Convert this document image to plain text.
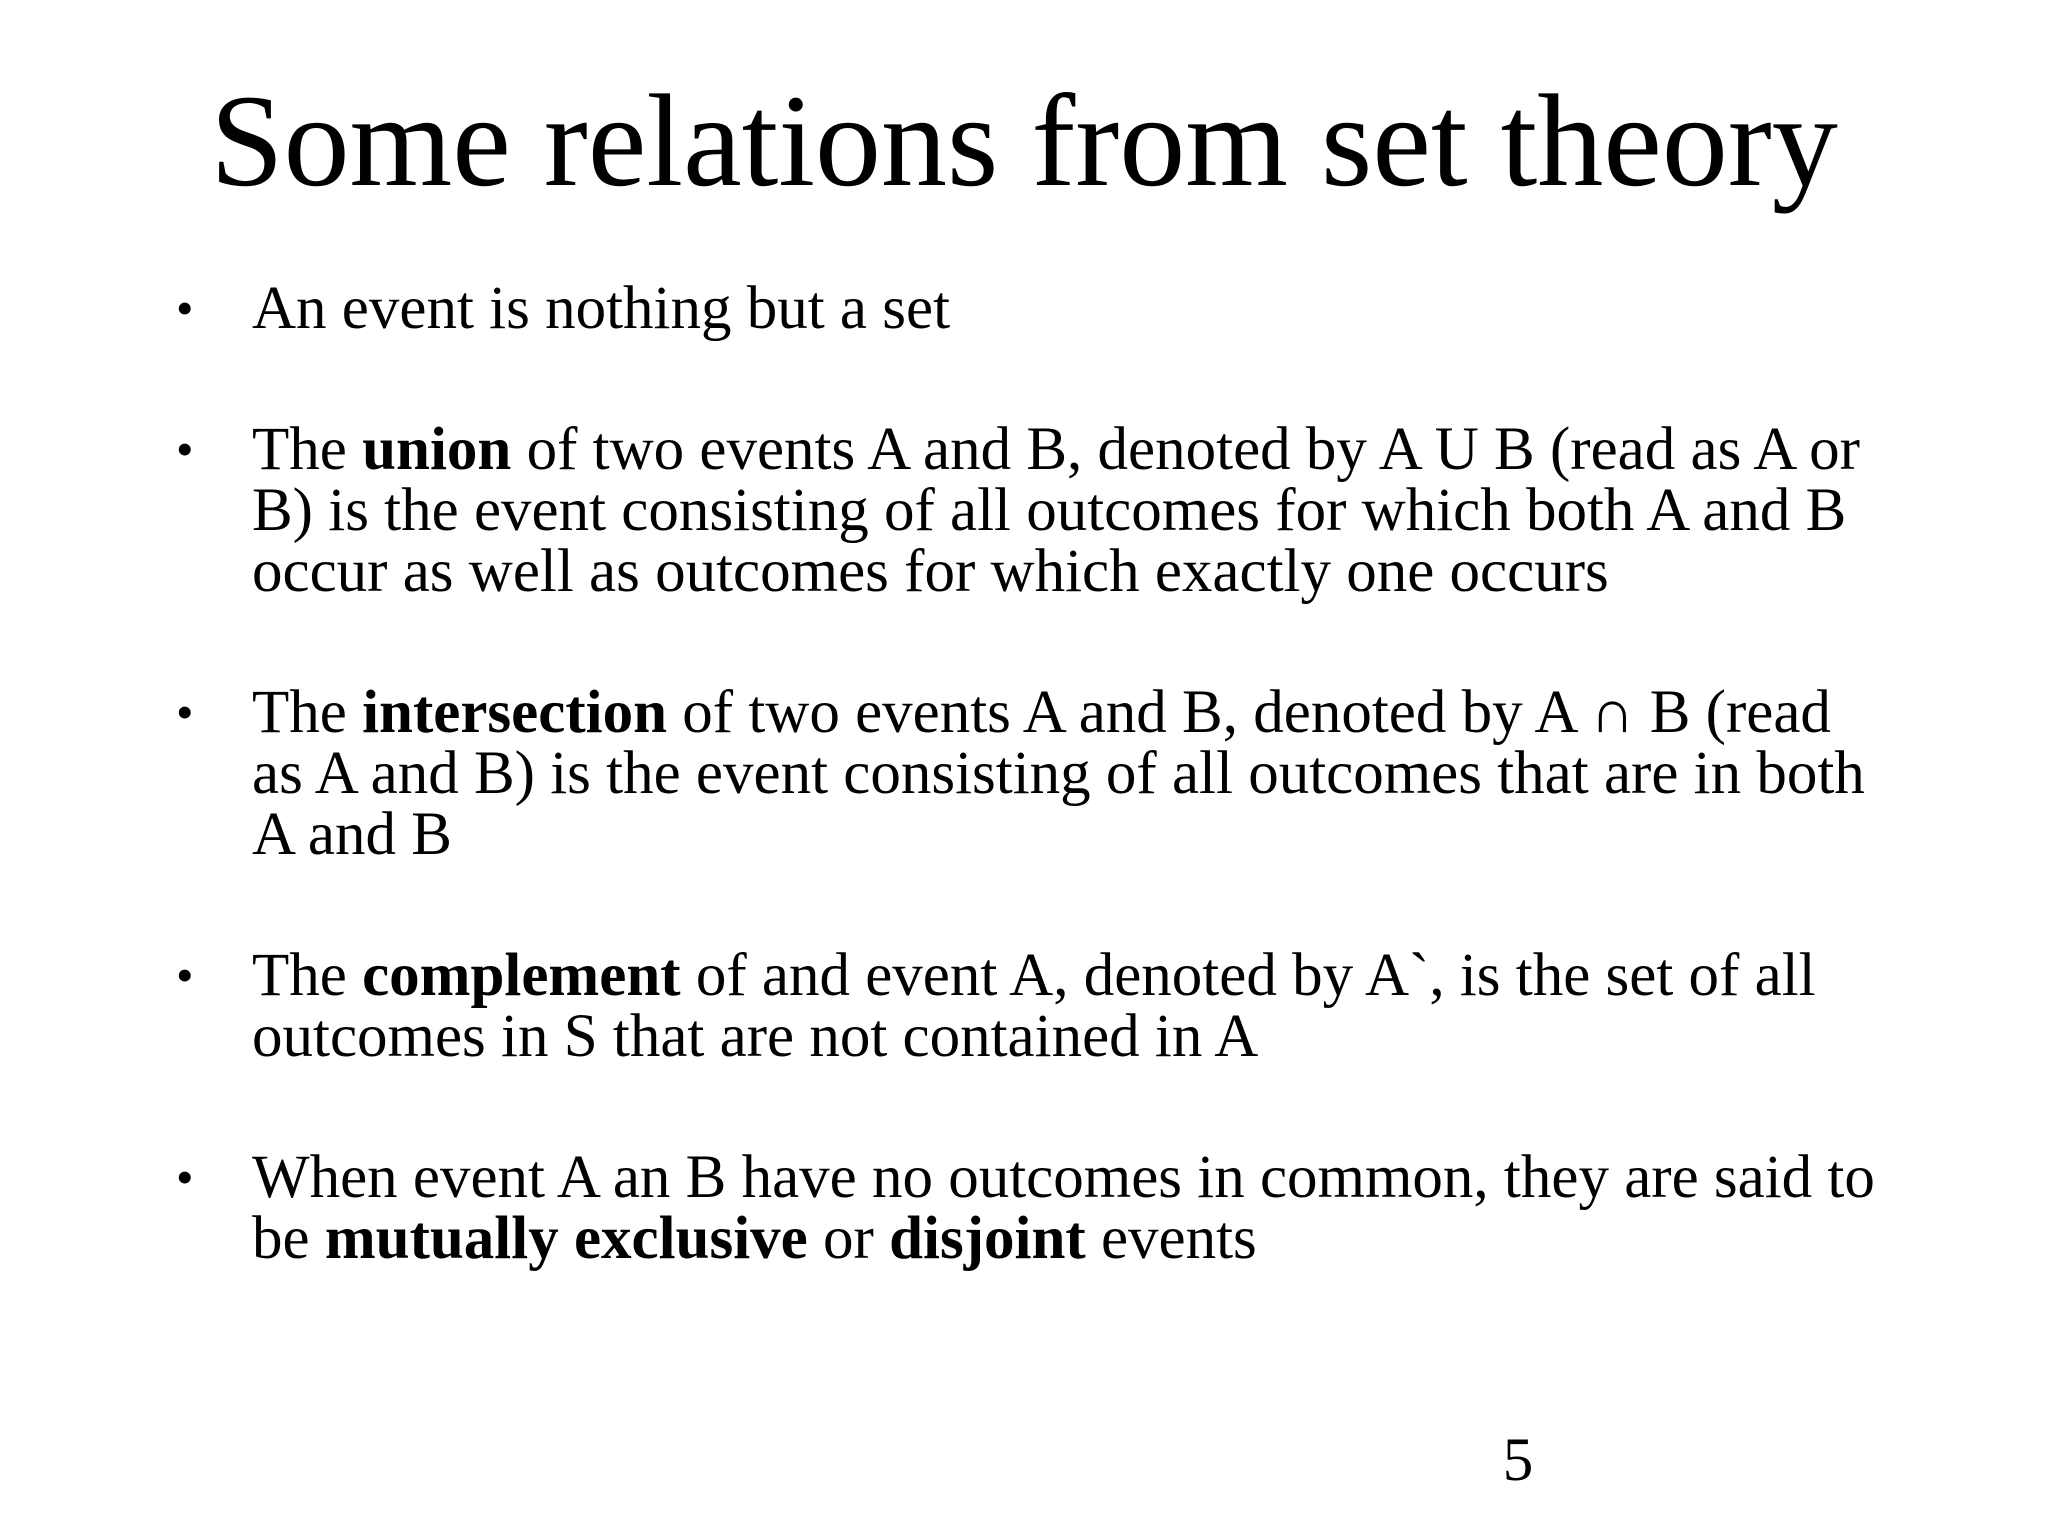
Some relations from set theory
• An event is nothing but a set
• The union of two events A and B, denoted by A U B (read as A or B) is the event consisting of all outcomes for which both A and B occur as well as outcomes for which exactly one occurs
• The intersection of two events A and B, denoted by A ∩ B (read as A and B) is the event consisting of all outcomes that are in both A and B
• The complement of and event A, denoted by A`, is the set of all outcomes in S that are not contained in A
• When event A an B have no outcomes in common, they are said to be mutually exclusive or disjoint events
5
